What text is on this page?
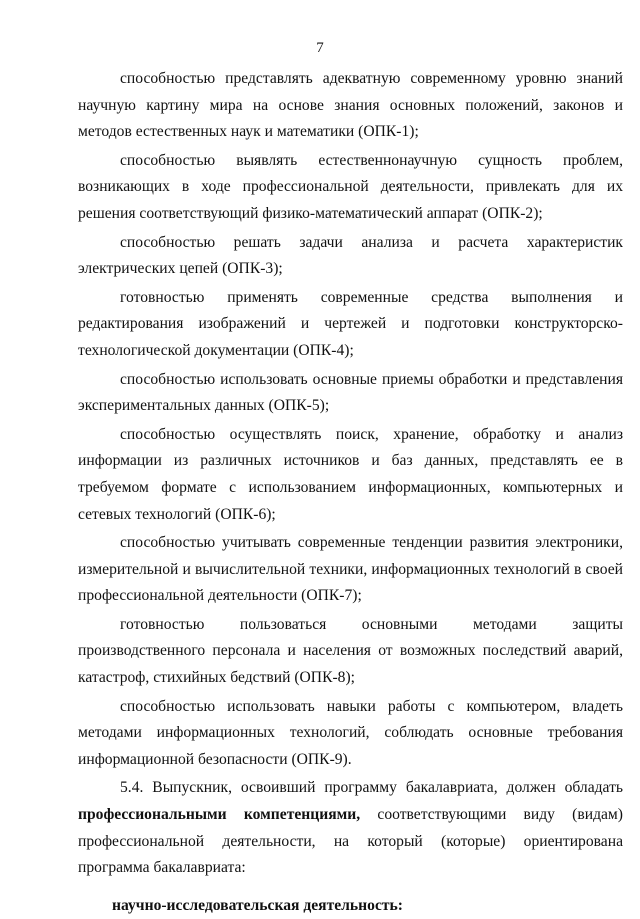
7

способностью представлять адекватную современному уровню знаний научную картину мира на основе знания основных положений, законов и методов естественных наук и математики (ОПК-1);

способностью выявлять естественнонаучную сущность проблем, возникающих в ходе профессиональной деятельности, привлекать для их решения соответствующий физико-математический аппарат (ОПК-2);

способностью решать задачи анализа и расчета характеристик электрических цепей (ОПК-3);

готовностью применять современные средства выполнения и редактирования изображений и чертежей и подготовки конструкторско-технологической документации (ОПК-4);

способностью использовать основные приемы обработки и представления экспериментальных данных (ОПК-5);

способностью осуществлять поиск, хранение, обработку и анализ информации из различных источников и баз данных, представлять ее в требуемом формате с использованием информационных, компьютерных и сетевых технологий (ОПК-6);

способностью учитывать современные тенденции развития электроники, измерительной и вычислительной техники, информационных технологий в своей профессиональной деятельности (ОПК-7);

готовностью пользоваться основными методами защиты производственного персонала и населения от возможных последствий аварий, катастроф, стихийных бедствий (ОПК-8);

способностью использовать навыки работы с компьютером, владеть методами информационных технологий, соблюдать основные требования информационной безопасности (ОПК-9).

5.4. Выпускник, освоивший программу бакалавриата, должен обладать профессиональными компетенциями, соответствующими виду (видам) профессиональной деятельности, на который (которые) ориентирована программа бакалавриата:

научно-исследовательская деятельность:
